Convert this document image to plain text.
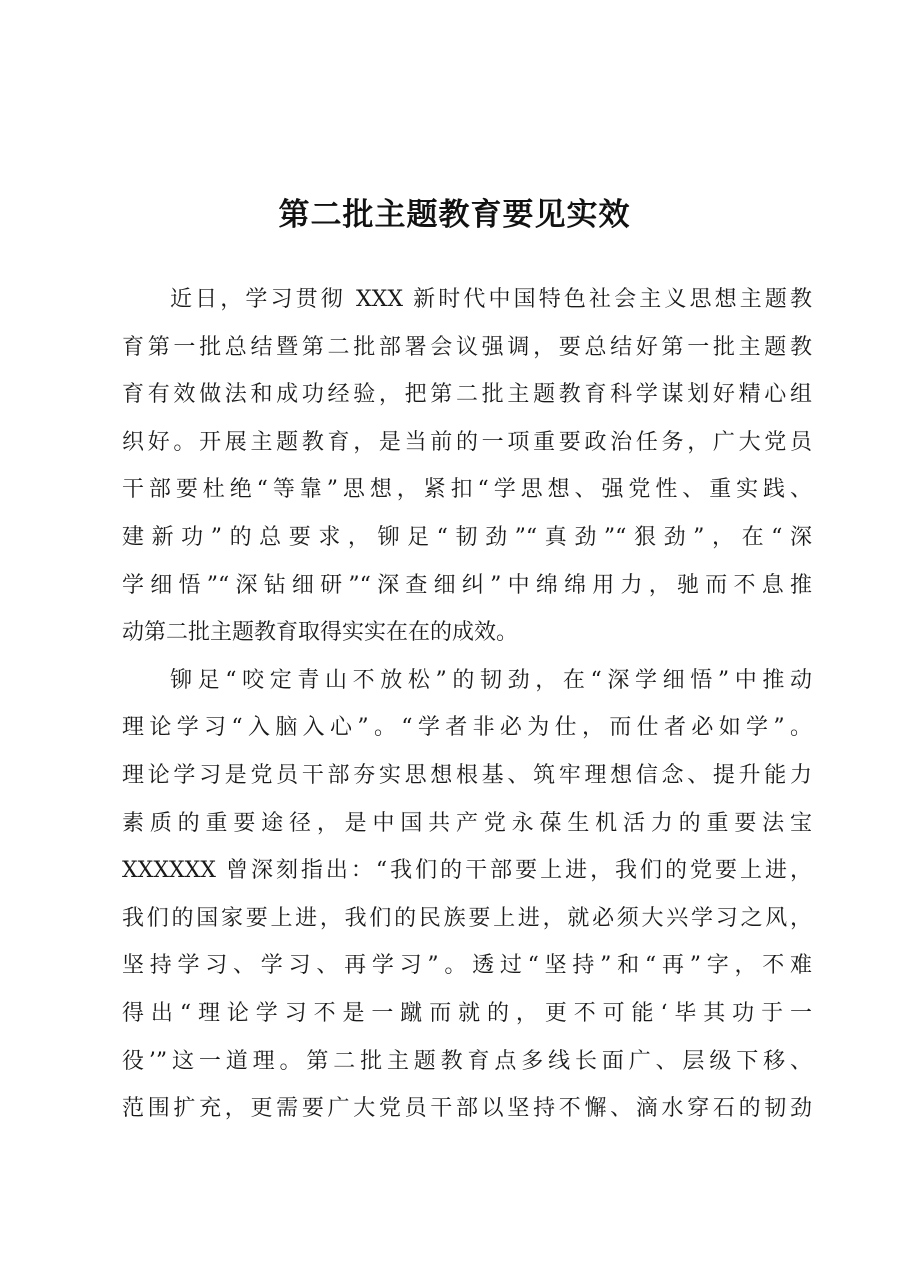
第二批主题教育要见实效

近日，学习贯彻 XXX 新时代中国特色社会主义思想主题教
育第一批总结暨第二批部署会议强调，要总结好第一批主题教
育有效做法和成功经验，把第二批主题教育科学谋划好精心组
织好。开展主题教育，是当前的一项重要政治任务，广大党员
干部要杜绝“等靠”思想，紧扣“学思想、强党性、重实践、
建新功”的总要求，铆足“韧劲”“真劲”“狠劲”，在“深
学细悟”“深钻细研”“深查细纠”中绵绵用力，驰而不息推
动第二批主题教育取得实实在在的成效。

铆足“咬定青山不放松”的韧劲，在“深学细悟”中推动
理论学习“入脑入心”。“学者非必为仕，而仕者必如学”。
理论学习是党员干部夯实思想根基、筑牢理想信念、提升能力
素质的重要途径，是中国共产党永葆生机活力的重要法宝
XXXXXX 曾深刻指出：“我们的干部要上进，我们的党要上进，
我们的国家要上进，我们的民族要上进，就必须大兴学习之风，
坚持学习、学习、再学习”。透过“坚持”和“再”字，不难
得出“理论学习不是一蹴而就的，更不可能‘毕其功于一
役’”这一道理。第二批主题教育点多线长面广、层级下移、
范围扩充，更需要广大党员干部以坚持不懈、滴水穿石的韧劲
